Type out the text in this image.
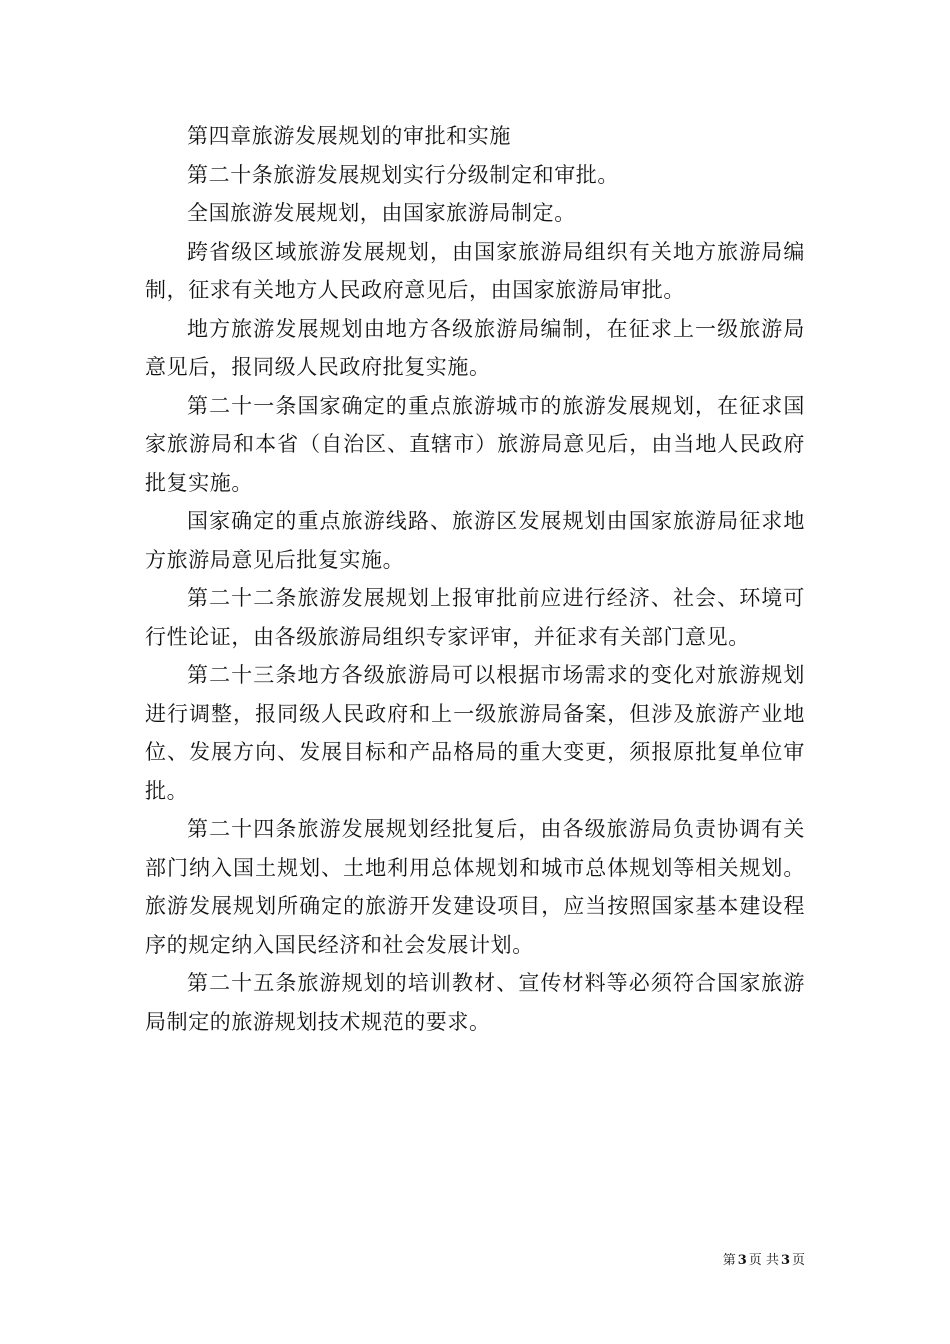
第四章旅游发展规划的审批和实施

第二十条旅游发展规划实行分级制定和审批。

全国旅游发展规划，由国家旅游局制定。

跨省级区域旅游发展规划，由国家旅游局组织有关地方旅游局编制，征求有关地方人民政府意见后，由国家旅游局审批。

地方旅游发展规划由地方各级旅游局编制，在征求上一级旅游局意见后，报同级人民政府批复实施。

第二十一条国家确定的重点旅游城市的旅游发展规划，在征求国家旅游局和本省（自治区、直辖市）旅游局意见后，由当地人民政府批复实施。

国家确定的重点旅游线路、旅游区发展规划由国家旅游局征求地方旅游局意见后批复实施。

第二十二条旅游发展规划上报审批前应进行经济、社会、环境可行性论证，由各级旅游局组织专家评审，并征求有关部门意见。

第二十三条地方各级旅游局可以根据市场需求的变化对旅游规划进行调整，报同级人民政府和上一级旅游局备案，但涉及旅游产业地位、发展方向、发展目标和产品格局的重大变更，须报原批复单位审批。

第二十四条旅游发展规划经批复后，由各级旅游局负责协调有关部门纳入国土规划、土地利用总体规划和城市总体规划等相关规划。旅游发展规划所确定的旅游开发建设项目，应当按照国家基本建设程序的规定纳入国民经济和社会发展计划。

第二十五条旅游规划的培训教材、宣传材料等必须符合国家旅游局制定的旅游规划技术规范的要求。

第 3 页 共 3 页
